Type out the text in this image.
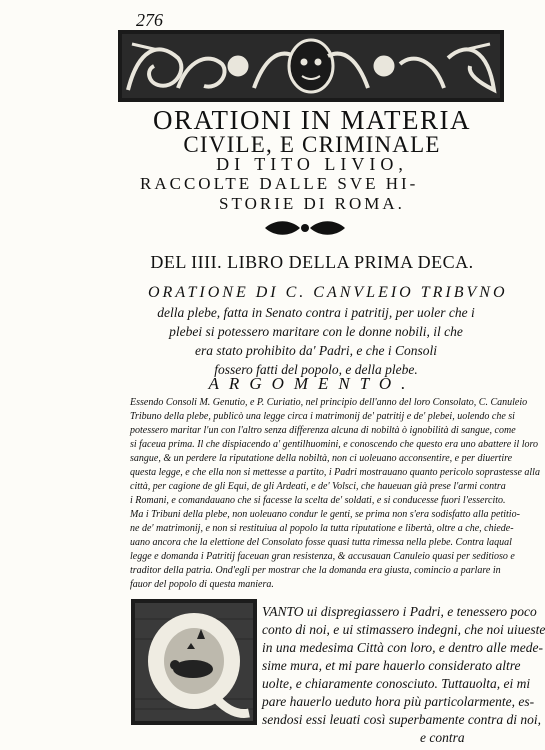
276
ORATIONI IN MATERIA
CIVILE, E CRIMINALE
DI TITO LIVIO,
RACCOLTE DALLE SVE HI-
STORIE DI ROMA.
DEL IIII. LIBRO DELLA PRIMA DECA.
ORATIONE DI C. CANVLEIO TRIBVNO
della plebe, fatta in Senato contra i patritij, per uoler che i
plebei si potessero maritare con le donne nobili, il che
era stato prohibito da' Padri, e che i Consoli
fossero fatti del popolo, e della plebe.
ARGOMENTO.
Essendo Consoli M. Genutio, e P. Curiatio, nel principio dell'anno del loro Consolato, C. Canuleio
Tribuno della plebe, publicò una legge circa i matrimonij de' patritij e de' plebei, uolendo che si
potessero maritar l'un con l'altro senza differenza alcuna di nobiltà ò ignobilità di sangue, come
si faceua prima. Il che dispiacendo a' gentilhuomini, e conoscendo che questo era uno abattere il loro
sangue, & un perdere la riputatione della nobiltà, non ci uoleuano acconsentire, e per diuertire
questa legge, e che ella non si mettesse a partito, i Padri mostrauano quanto pericolo soprastesse alla
città, per cagione de gli Equi, de gli Ardeati, e de' Volsci, che haueuan già prese l'armi contra
i Romani, e comandauano che si facesse la scelta de' soldati, e si conducesse fuori l'essercito.
Ma i Tribuni della plebe, non uoleuano condur le genti, se prima non s'era sodisfatto alla petitio-
ne de' matrimonij, e non si restituiua al popolo la tutta riputatione e libertà, oltre a che, chiede-
uano ancora che la elettione del Consolato fosse quasi tutta rimessa nella plebe. Contra laqual
legge e domanda i Patritij faceuan gran resistenza, & accusauan Canuleio quasi per seditioso e
traditor della patria. Ond'egli per mostrar che la domanda era giusta, comincio a parlare in
fauor del popolo di questa maniera.
VANTO ui dispregiassero i Padri, e tenessero poco
conto di noi, e ui stimassero indegni, che noi uiueste
in una medesima Città con loro, e dentro alle mede-
sime mura, et mi pare hauerlo considerato altre
uolte, e chiaramente conosciuto. Tuttauolta, ei mi
pare hauerlo ueduto hora più particolarmente, es-
sendosi essi leuati così superbamente contra di noi,
e contra
